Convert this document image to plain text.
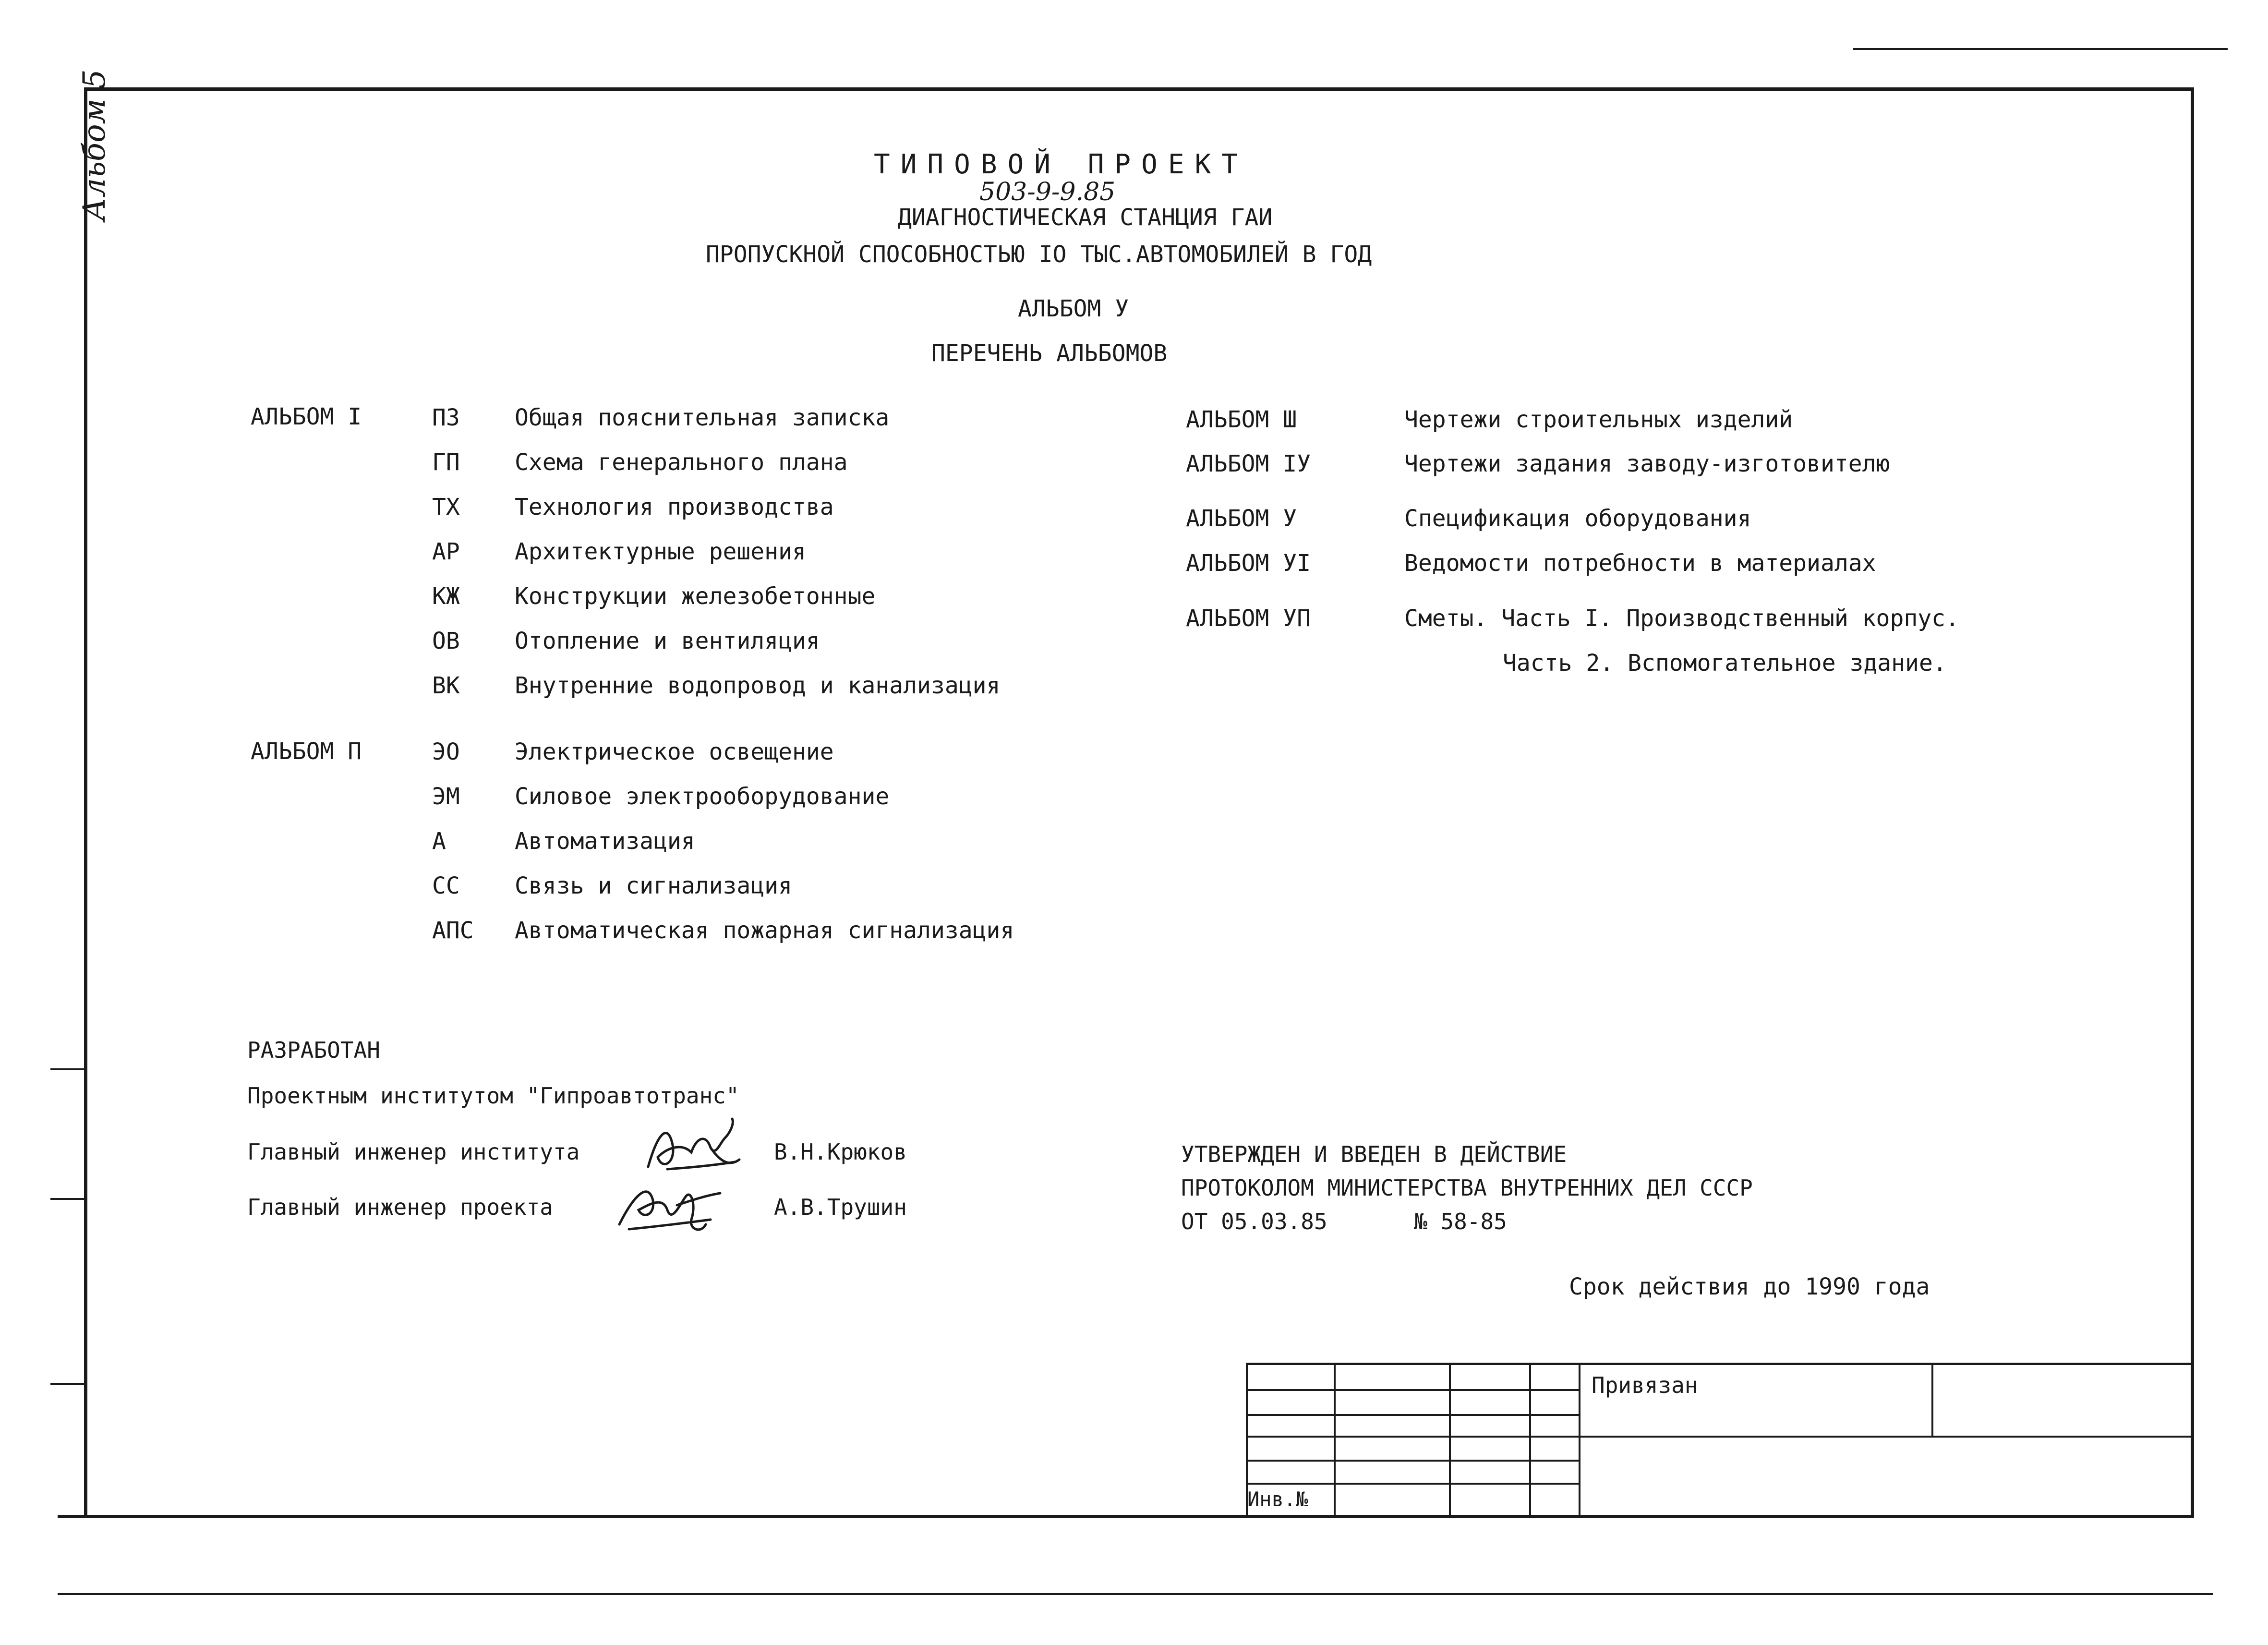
Альбом 5	ТИПОВОЙ ПРОЕКТ
503-9-9.85
ДИАГНОСТИЧЕСКАЯ СТАНЦИЯ ГАИ
ПРОПУСКНОЙ СПОСОБНОСТЬЮ IO ТЫС.АВТОМОБИЛЕЙ В ГОД
АЛЬБОМ У
ПЕРЕЧЕНЬ АЛЬБОМОВ
АЛЬБОМ I	ПЗ Общая пояснительная записка
ГП Схема генерального плана
ТХ Технология производства
АР Архитектурные решения
КЖ Конструкции железобетонные
ОВ Отопление и вентиляция
ВК Внутренние водопровод и канализация
АЛЬБОМ П	ЭО Электрическое освещение
ЭМ Силовое электрооборудование
А	Автоматизация
СС Связь и сигнализация
АПС Автоматическая пожарная сигнализация
АЛЬБОМ Ш	Чертежи строительных изделий
АЛЬБОМ IУ	Чертежи задания заводу-изготовителю
АЛЬБОМ У	Спецификация оборудования
АЛЬБОМ УI	Ведомости потребности в материалах
АЛЬБОМ УП	Сметы. Часть I. Производственный корпус.
Часть 2. Вспомогательное здание.
РАЗРАБОТАН
Проектным институтом "Гипроавтотранс"
Главный инженер института	В.Н.Крюков
Главный инженер проекта	А.В.Трушин
УТВЕРЖДЕН И ВВЕДЕН В ДЕЙСТВИЕ
ПРОТОКОЛОМ МИНИСТЕРСТВА ВНУТРЕННИХ ДЕЛ СССР
ОТ 05.03.85	№ 58-85
Срок действия до 1990 года
Привязан
Инв.№
